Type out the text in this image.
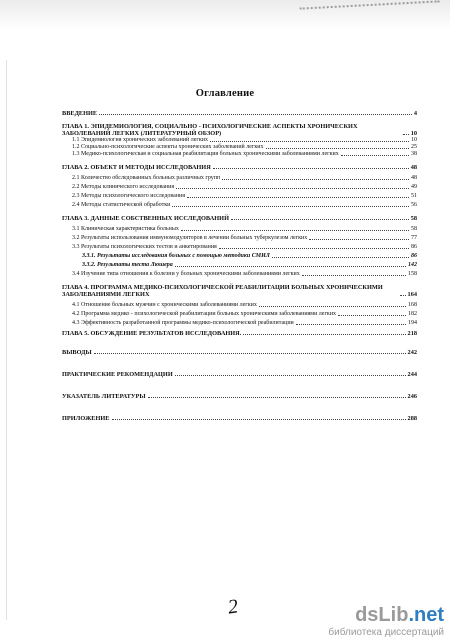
Оглавление
ВВЕДЕНИЕ	4
ГЛАВА 1. ЭПИДЕМИОЛОГИЯ, СОЦИАЛЬНО - ПСИХОЛОГИЧЕСКИЕ АСПЕКТЫ ХРОНИЧЕСКИХ ЗАБОЛЕВАНИЙ ЛЕГКИХ (ЛИТЕРАТУРНЫЙ ОБЗОР)	10
1.1 Эпидемиология хронических заболеваний легких	10
1.2 Социально-психологические аспекты хронических заболеваний легких	25
1.3 Медико-психологическая и социальная реабилитация больных хроническими заболеваниями легких	38
ГЛАВА 2. ОБЪЕКТ И МЕТОДЫ ИССЛЕДОВАНИЯ	48
2.1 Количество обследованных больных различных групп	48
2.2 Методы клинического исследования	49
2.3 Методы психологического исследования	51
2.4 Методы статистической обработки	56
ГЛАВА 3. ДАННЫЕ СОБСТВЕННЫХ ИССЛЕДОВАНИЙ	58
3.1 Клиническая характеристика больных	58
3.2 Результаты использования иммуномодуляторов в лечении больных туберкулезом легких	77
3.3 Результаты психологических тестов и анкетирования	86
3.3.1. Результаты исследования больных с помощью методики СМИЛ	86
3.3.2. Результаты теста Люшера	142
3.4 Изучение типа отношения к болезни у больных хроническими заболеваниями легких	158
ГЛАВА 4. ПРОГРАММА МЕДИКО-ПСИХОЛОГИЧЕСКОЙ РЕАБИЛИТАЦИИ БОЛЬНЫХ ХРОНИЧЕСКИМИ ЗАБОЛЕВАНИЯМИ ЛЕГКИХ	164
4.1 Отношение больных мужчин с хроническими заболеваниями легких	168
4.2 Программа медико - психологической реабилитации больных хроническими заболеваниями легких	182
4.3 Эффективность разработанной программы медико-психологической реабилитации	194
ГЛАВА 5. ОБСУЖДЕНИЕ РЕЗУЛЬТАТОВ ИССЛЕДОВАНИЯ.	218
ВЫВОДЫ	242
ПРАКТИЧЕСКИЕ РЕКОМЕНДАЦИИ	244
УКАЗАТЕЛЬ ЛИТЕРАТУРЫ	246
ПРИЛОЖЕНИЕ	288
2	dsLib.net
библиотека диссертаций
